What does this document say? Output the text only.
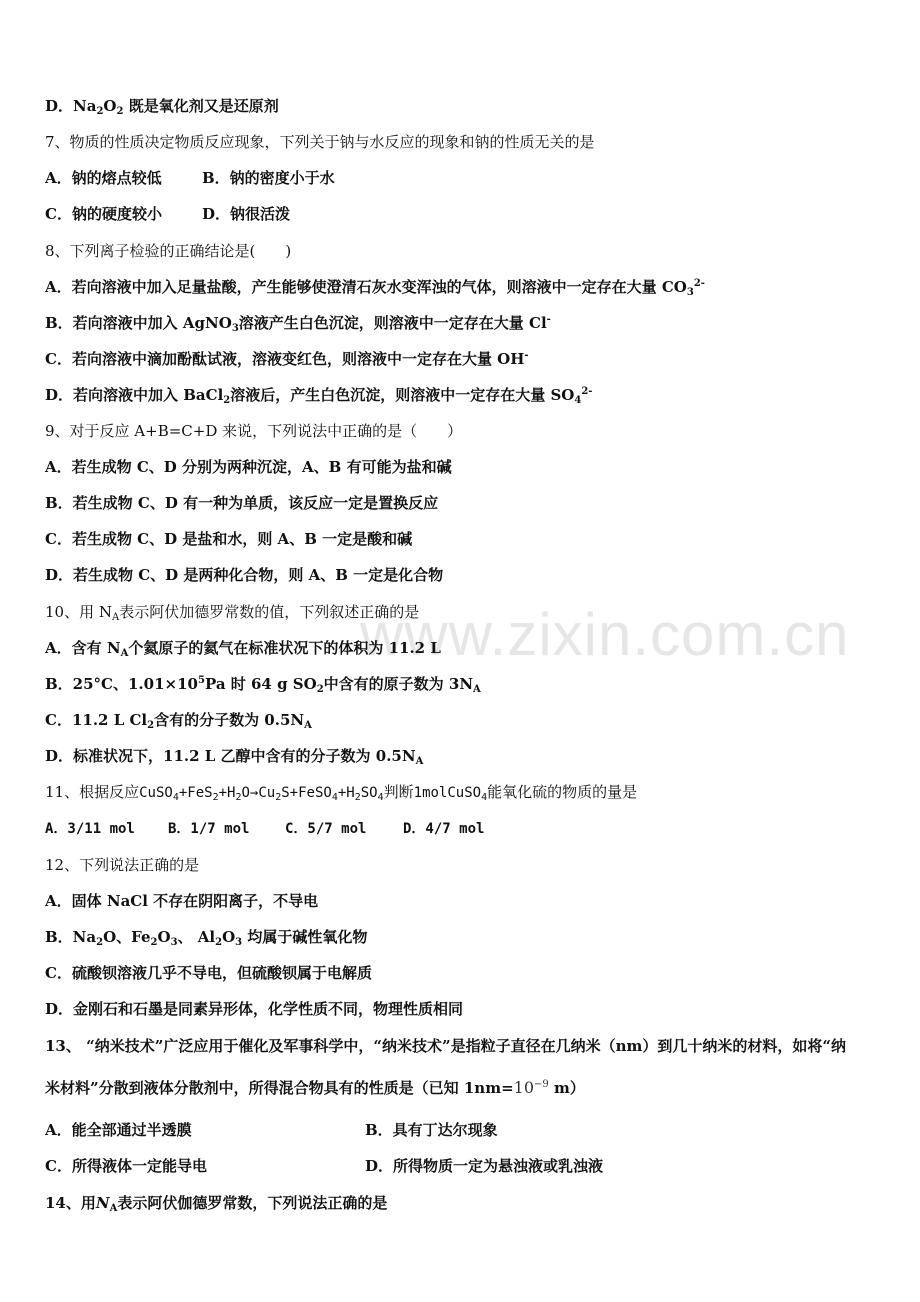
www.zixin.com.cn
D．$Na_2O_2$ 既是氧化剂又是还原剂
7、物质的性质决定物质反应现象，下列关于钠与水反应的现象和钠的性质无关的是
A．钠的熔点较低	B．钠的密度小于水
C．钠的硬度较小	D．钠很活泼
8、下列离子检验的正确结论是(　　)
A．若向溶液中加入足量盐酸，产生能够使澄清石灰水变浑浊的气体，则溶液中一定存在大量 $CO_3^{2-}$
B．若向溶液中加入 AgNO$_3$溶液产生白色沉淀，则溶液中一定存在大量 Cl-
C．若向溶液中滴加酚酞试液，溶液变红色，则溶液中一定存在大量 OH-
D．若向溶液中加入 BaCl$_2$溶液后，产生白色沉淀，则溶液中一定存在大量 $SO_4^{2-}$
9、对于反应 A+B=C+D 来说，下列说法中正确的是（　　）
A．若生成物 C、D 分别为两种沉淀，A、B 有可能为盐和碱
B．若生成物 C、D 有一种为单质，该反应一定是置换反应
C．若生成物 C、D 是盐和水，则 A、B 一定是酸和碱
D．若生成物 C、D 是两种化合物，则 A、B 一定是化合物
10、用 $N_A$表示阿伏加德罗常数的值，下列叙述正确的是
A．含有 $N_A$个氦原子的氦气在标准状况下的体积为 11.2 L
B．25°C、$1.01\times 10^5Pa$ 时 64 g $SO_2$中含有的原子数为 $3N_A$
C．11.2 L $Cl_2$含有的分子数为 $0.5N_A$
D．标准状况下，11.2 L 乙醇中含有的分子数为 $0.5N_A$
11、根据反应$CuSO_4+FeS_2+H_2O\to Cu_2S+FeSO_4+H_2SO_4$判断1molCuSO$_4$能氧化硫的物质的量是
A．3/11 mol B．1/7 mol	C．5/7 mol	D．4/7 mol
12、下列说法正确的是
A．固体 NaCl 不存在阴阳离子，不导电
B．$Na_2O$、$Fe_2O_3$、 $Al_2O_3$ 均属于碱性氧化物
C．硫酸钡溶液几乎不导电，但硫酸钡属于电解质
D．金刚石和石墨是同素异形体，化学性质不同，物理性质相同
13、 “纳米技术”广泛应用于催化及军事科学中，“纳米技术”是指粒子直径在几纳米（nm）到几十纳米的材料，如将“纳
米材料”分散到液体分散剂中，所得混合物具有的性质是（已知 $1nm=10^{-9}$ m）
A．能全部通过半透膜	B．具有丁达尔现象
C．所得液体一定能导电	D．所得物质一定为悬浊液或乳浊液
14、用$N_A$表示阿伏伽德罗常数，下列说法正确的是
